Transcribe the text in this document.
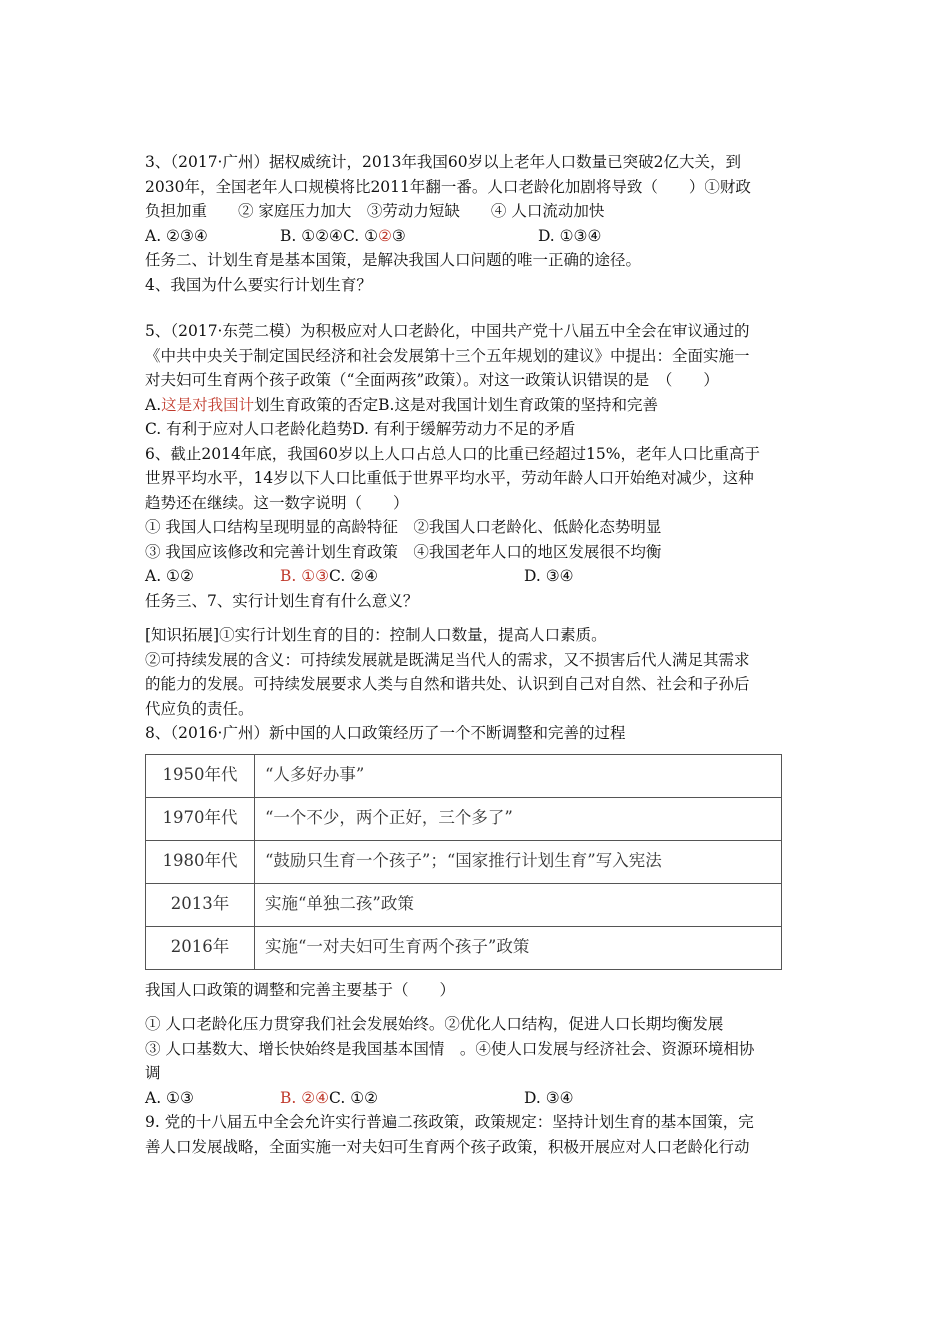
3、（2017·广州）据权威统计，2013年我国60岁以上老年人口数量已突破2亿大关，到

2030年，全国老年人口规模将比2011年翻一番。人口老龄化加剧将导致（　　）①财政

负担加重　　② 家庭压力加大　③劳动力短缺　　④ 人口流动加快

A. ②③④	B. ①②④ C. ①②③	D. ①③④

任务二、计划生育是基本国策，是解决我国人口问题的唯一正确的途径。

4、我国为什么要实行计划生育？

5、（2017·东莞二模）为积极应对人口老龄化，中国共产党十八届五中全会在审议通过的

《中共中央关于制定国民经济和社会发展第十三个五年规划的建议》中提出：全面实施一

对夫妇可生育两个孩子政策（“全面两孩”政策）。对这一政策认识错误的是　（　　）

A.这是对我国计划生育政策的否定B.这是对我国计划生育政策的坚持和完善

C. 有利于应对人口老龄化趋势D. 有利于缓解劳动力不足的矛盾

6、截止2014年底，我国60岁以上人口占总人口的比重已经超过15%，老年人口比重高于

世界平均水平，14岁以下人口比重低于世界平均水平，劳动年龄人口开始绝对减少，这种

趋势还在继续。这一数字说明（　　）

① 我国人口结构呈现明显的高龄特征　②我国人口老龄化、低龄化态势明显

③ 我国应该修改和完善计划生育政策　④我国老年人口的地区发展很不均衡

A. ①②	B. ①③ C. ②④	D. ③④

任务三、7、实行计划生育有什么意义？

[知识拓展]①实行计划生育的目的：控制人口数量，提高人口素质。

②可持续发展的含义：可持续发展就是既满足当代人的需求，又不损害后代人满足其需求

的能力的发展。可持续发展要求人类与自然和谐共处、认识到自己对自然、社会和子孙后

代应负的责任。

8、（2016·广州）新中国的人口政策经历了一个不断调整和完善的过程

1950年代	“人多好办事”
1970年代	“一个不少，两个正好，三个多了”
1980年代	“鼓励只生育一个孩子”；“国家推行计划生育”写入宪法
2013年	实施“单独二孩”政策
2016年	实施“一对夫妇可生育两个孩子”政策

我国人口政策的调整和完善主要基于（　　）

① 人口老龄化压力贯穿我们社会发展始终。②优化人口结构，促进人口长期均衡发展

③ 人口基数大、增长快始终是我国基本国情　。④使人口发展与经济社会、资源环境相协

调

A. ①③	B. ②④ C. ①②	D. ③④

9. 党的十八届五中全会允许实行普遍二孩政策，政策规定：坚持计划生育的基本国策，完

善人口发展战略，全面实施一对夫妇可生育两个孩子政策，积极开展应对人口老龄化行动
